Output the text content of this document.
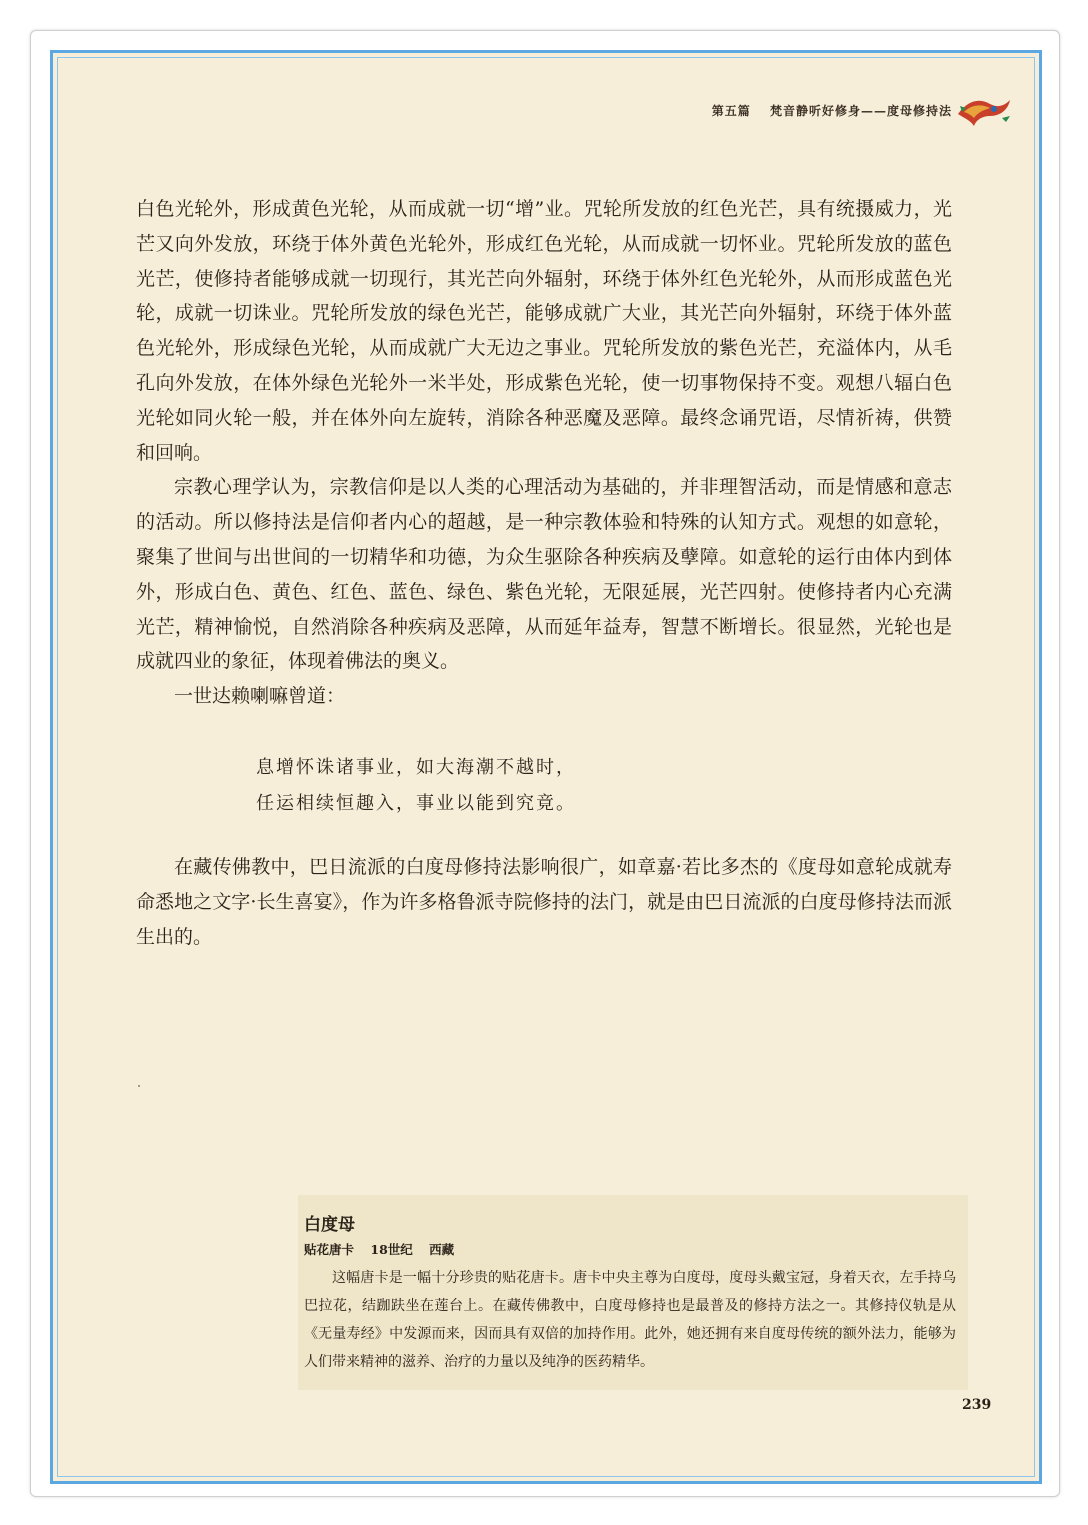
第五篇 梵音静听好修身——度母修持法

白色光轮外，形成黄色光轮，从而成就一切“增”业。咒轮所发放的红色光芒，具有统摄威力，光芒又向外发放，环绕于体外黄色光轮外，形成红色光轮，从而成就一切怀业。咒轮所发放的蓝色光芒，使修持者能够成就一切现行，其光芒向外辐射，环绕于体外红色光轮外，从而形成蓝色光轮，成就一切诛业。咒轮所发放的绿色光芒，能够成就广大业，其光芒向外辐射，环绕于体外蓝色光轮外，形成绿色光轮，从而成就广大无边之事业。咒轮所发放的紫色光芒，充溢体内，从毛孔向外发放，在体外绿色光轮外一米半处，形成紫色光轮，使一切事物保持不变。观想八辐白色光轮如同火轮一般，并在体外向左旋转，消除各种恶魔及恶障。最终念诵咒语，尽情祈祷，供赞和回响。

宗教心理学认为，宗教信仰是以人类的心理活动为基础的，并非理智活动，而是情感和意志的活动。所以修持法是信仰者内心的超越，是一种宗教体验和特殊的认知方式。观想的如意轮，聚集了世间与出世间的一切精华和功德，为众生驱除各种疾病及孽障。如意轮的运行由体内到体外，形成白色、黄色、红色、蓝色、绿色、紫色光轮，无限延展，光芒四射。使修持者内心充满光芒，精神愉悦，自然消除各种疾病及恶障，从而延年益寿，智慧不断增长。很显然，光轮也是成就四业的象征，体现着佛法的奥义。

一世达赖喇嘛曾道：

息增怀诛诸事业，如大海潮不越时，

任运相续恒趣入，事业以能到究竟。

在藏传佛教中，巴日流派的白度母修持法影响很广，如章嘉·若比多杰的《度母如意轮成就寿命悉地之文字·长生喜宴》，作为许多格鲁派寺院修持的法门，就是由巴日流派的白度母修持法而派生出的。

白度母
贴花唐卡 18世纪 西藏

这幅唐卡是一幅十分珍贵的贴花唐卡。唐卡中央主尊为白度母，度母头戴宝冠，身着天衣，左手持乌巴拉花，结跏趺坐在莲台上。在藏传佛教中，白度母修持也是最普及的修持方法之一。其修持仪轨是从《无量寿经》中发源而来，因而具有双倍的加持作用。此外，她还拥有来自度母传统的额外法力，能够为人们带来精神的滋养、治疗的力量以及纯净的医药精华。

239
